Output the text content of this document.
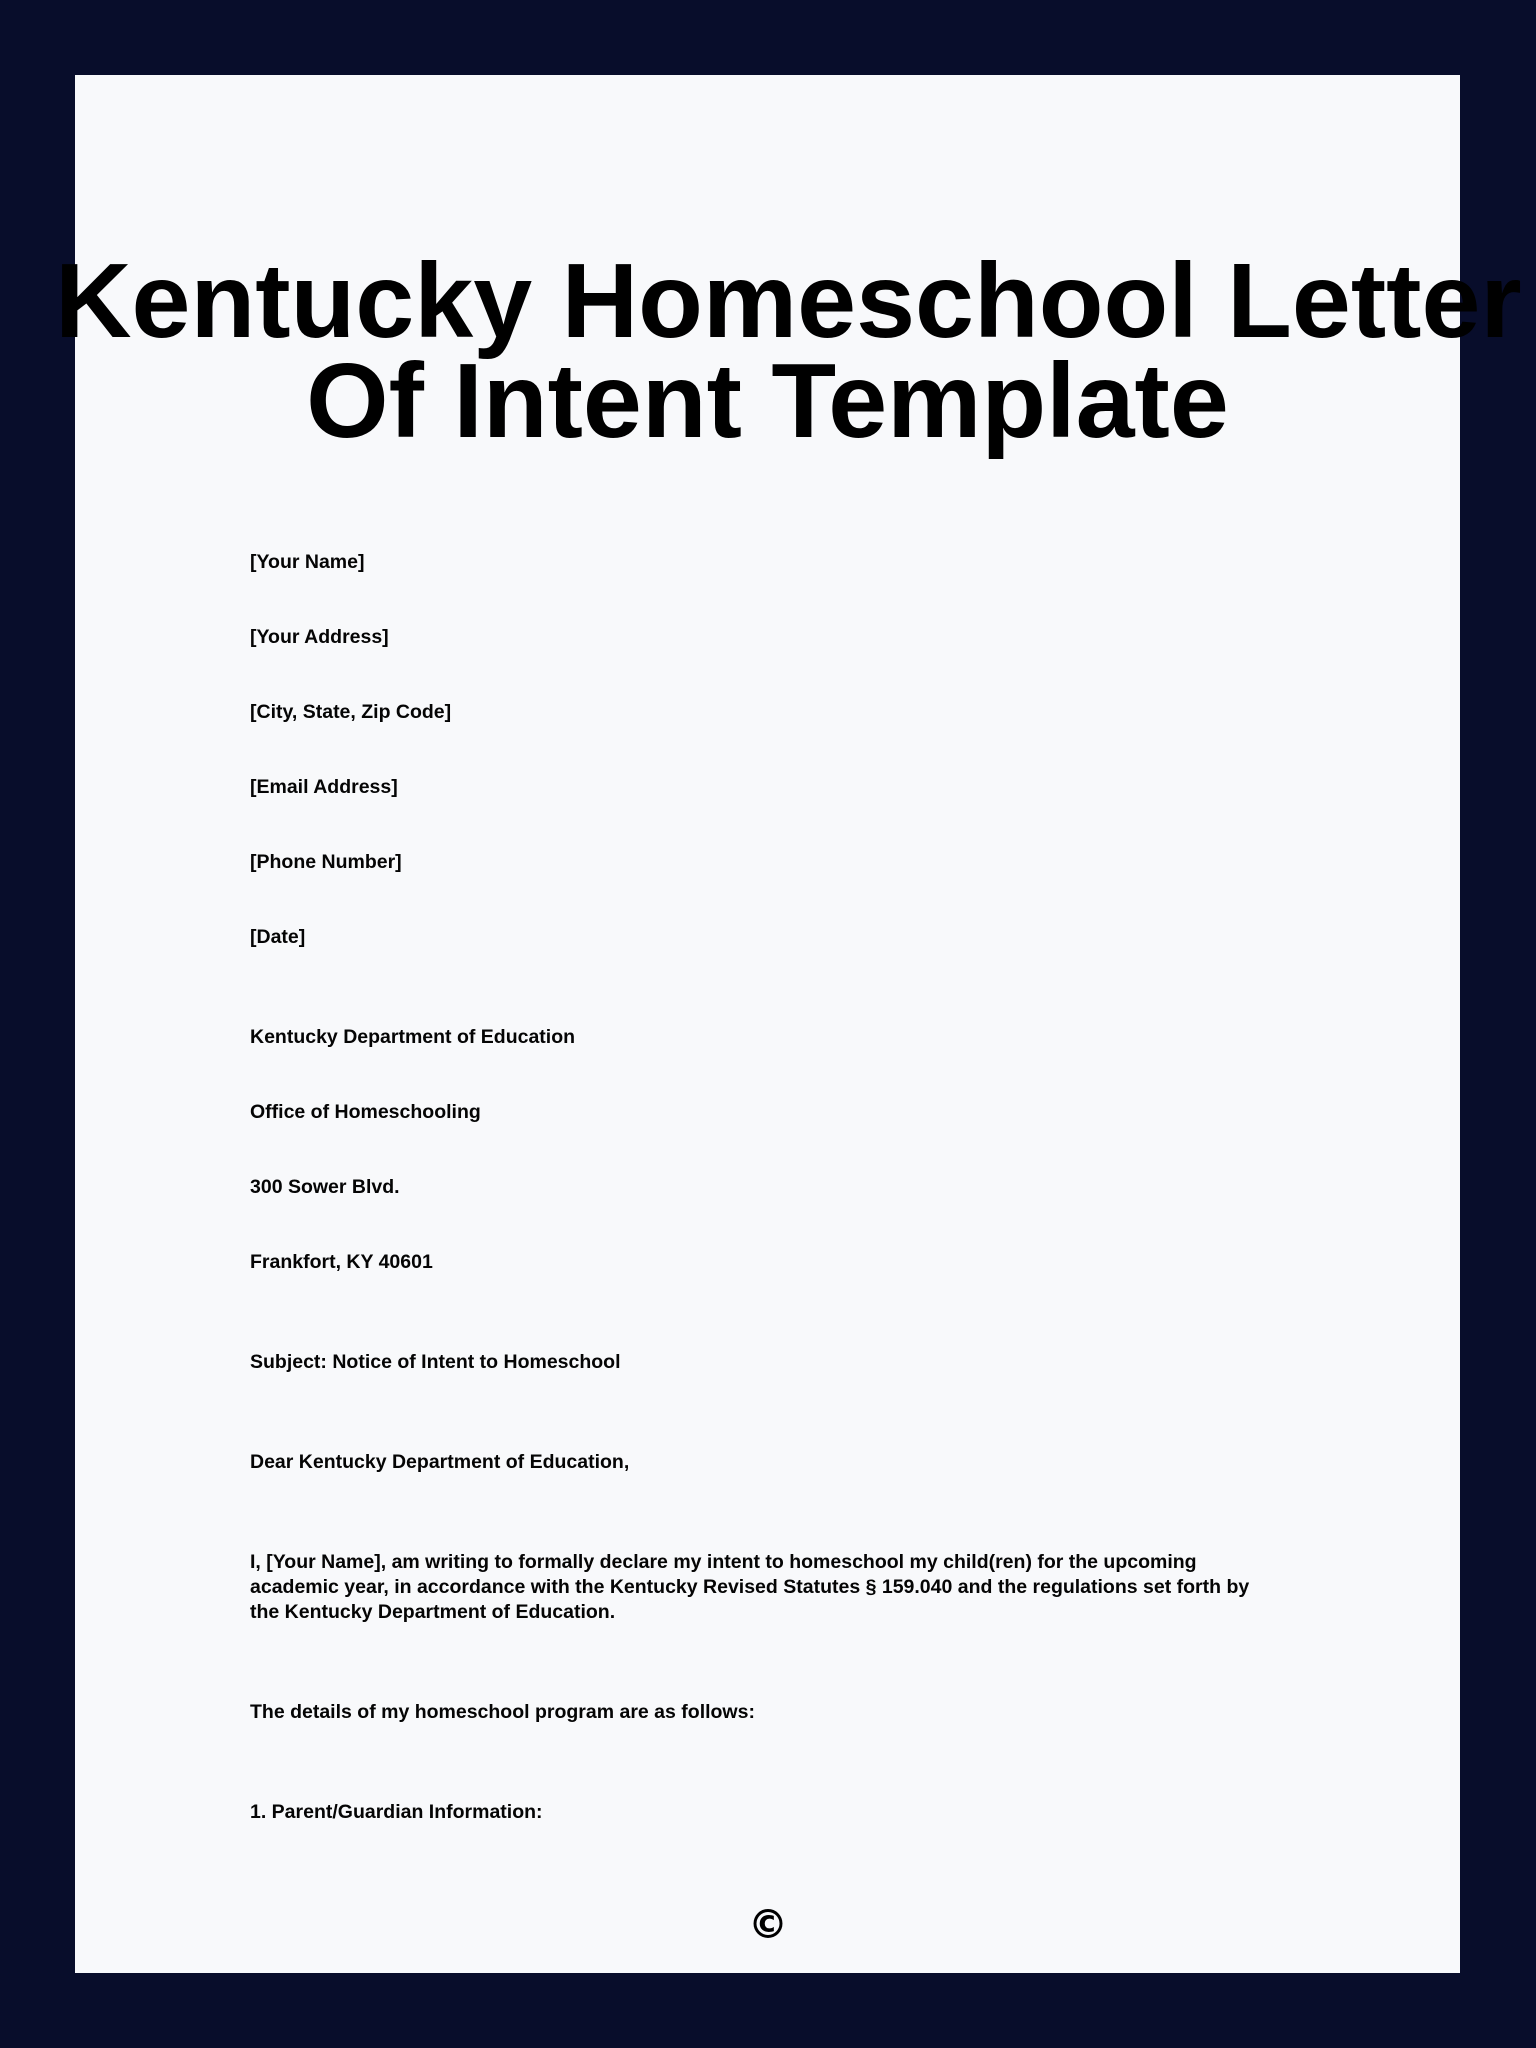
Kentucky Homeschool Letter
Of Intent Template

[Your Name]

[Your Address]

[City, State, Zip Code]

[Email Address]

[Phone Number]

[Date]

Kentucky Department of Education

Office of Homeschooling

300 Sower Blvd.

Frankfort, KY 40601

Subject: Notice of Intent to Homeschool

Dear Kentucky Department of Education,

I, [Your Name], am writing to formally declare my intent to homeschool my child(ren) for the upcoming academic year, in accordance with the Kentucky Revised Statutes § 159.040 and the regulations set forth by the Kentucky Department of Education.

The details of my homeschool program are as follows:

1. Parent/Guardian Information:

©
